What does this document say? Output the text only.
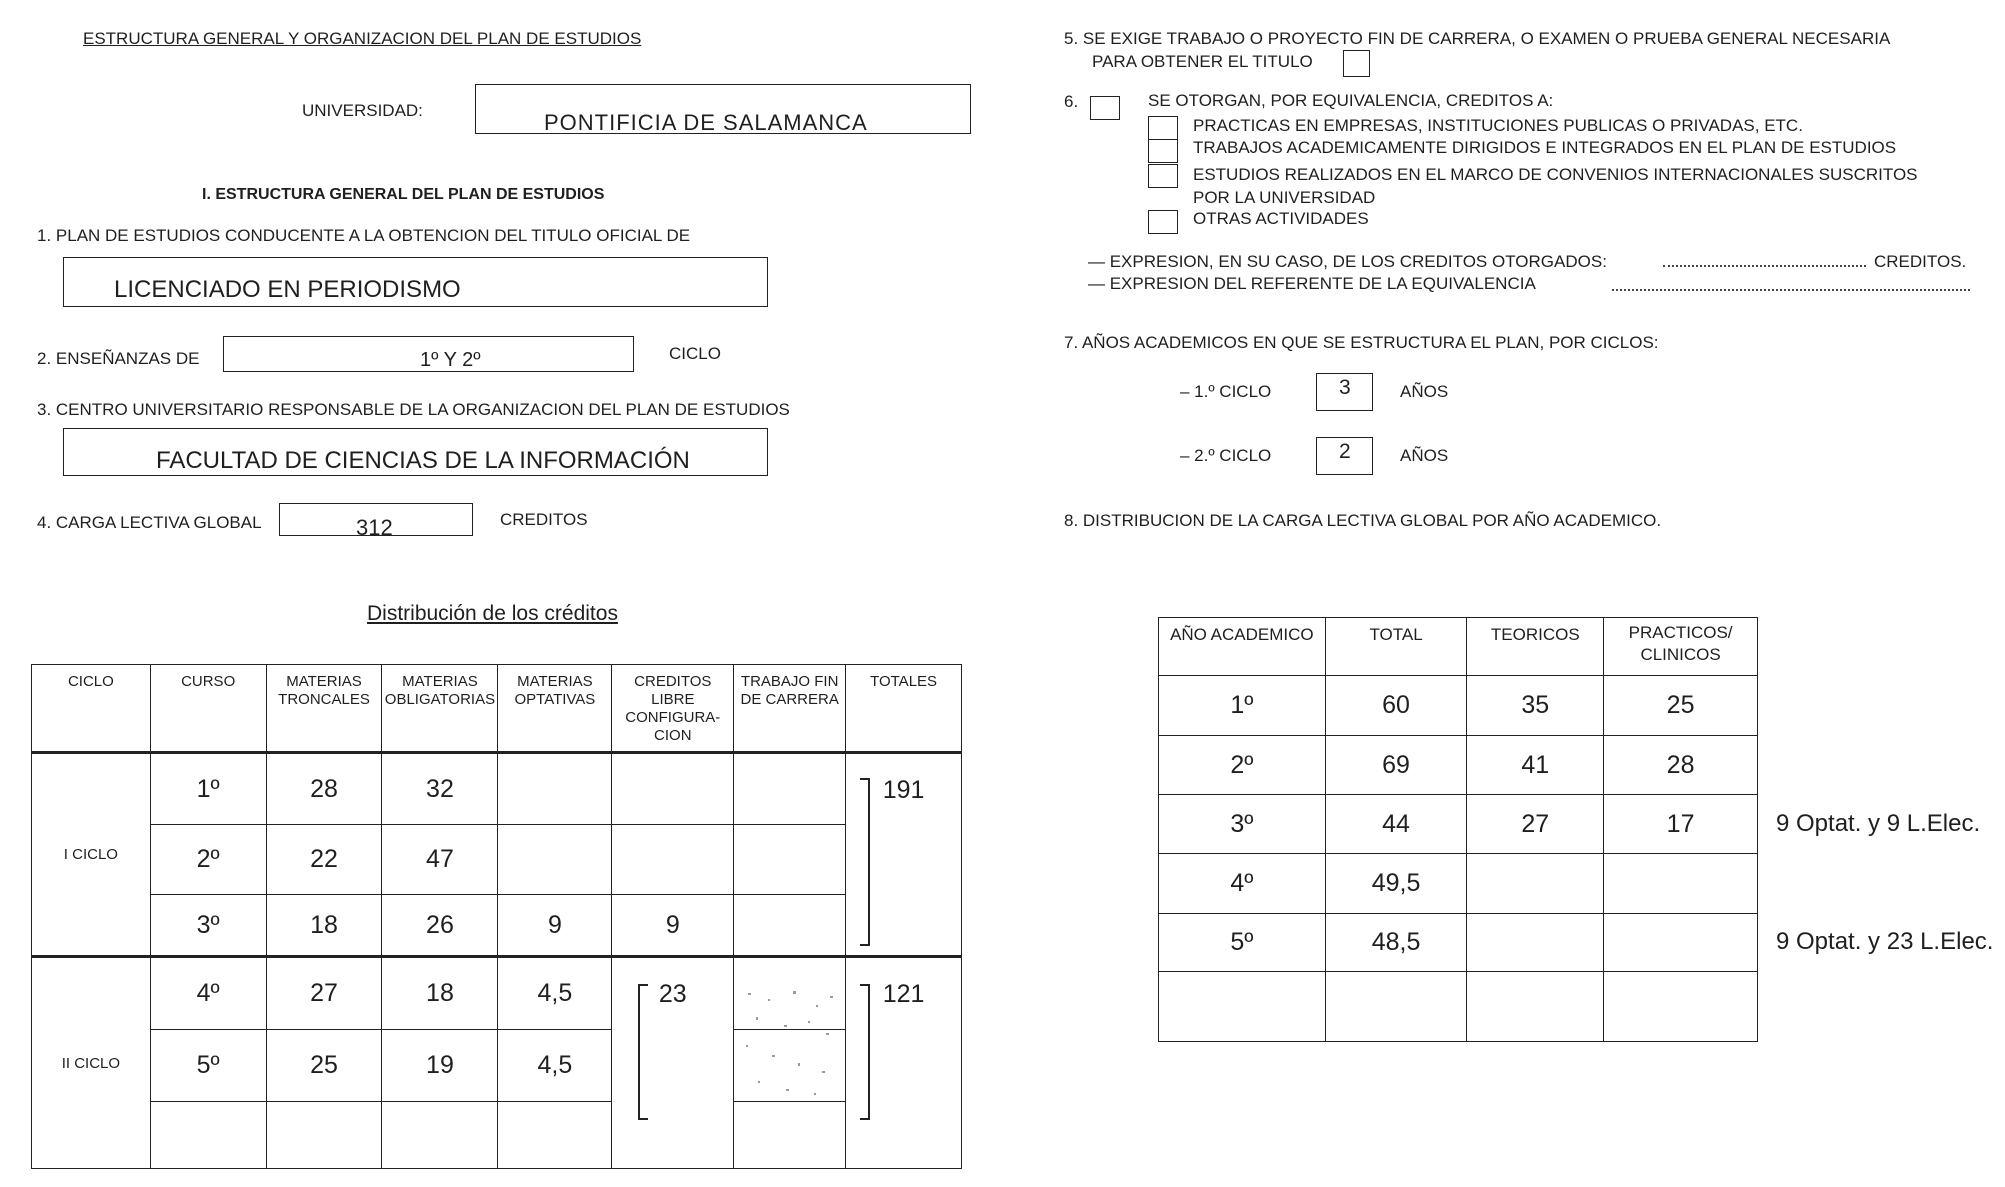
ESTRUCTURA GENERAL Y ORGANIZACION DEL PLAN DE ESTUDIOS
UNIVERSIDAD:	PONTIFICIA DE SALAMANCA
I. ESTRUCTURA GENERAL DEL PLAN DE ESTUDIOS
1. PLAN DE ESTUDIOS CONDUCENTE A LA OBTENCION DEL TITULO OFICIAL DE
LICENCIADO EN PERIODISMO
2. ENSEÑANZAS DE	1º Y 2º	CICLO
3. CENTRO UNIVERSITARIO RESPONSABLE DE LA ORGANIZACION DEL PLAN DE ESTUDIOS
FACULTAD DE CIENCIAS DE LA INFORMACIÓN
4. CARGA LECTIVA GLOBAL	312	CREDITOS
Distribución de los créditos
CICLO	CURSO	MATERIAS TRONCALES	MATERIAS OBLIGATORIAS	MATERIAS OPTATIVAS	CREDITOS LIBRE CONFIGURA- CION	TRABAJO FIN DE CARRERA	TOTALES
I CICLO	1º	28	32				191
	2º	22	47				
	3º	18	26	9	9		
II CICLO	4º	27	18	4,5	23		121
	5º	25	19	4,5			

5. SE EXIGE TRABAJO O PROYECTO FIN DE CARRERA, O EXAMEN O PRUEBA GENERAL NECESARIA
PARA OBTENER EL TITULO
6.	SE OTORGAN, POR EQUIVALENCIA, CREDITOS A:
PRACTICAS EN EMPRESAS, INSTITUCIONES PUBLICAS O PRIVADAS, ETC.
TRABAJOS ACADEMICAMENTE DIRIGIDOS E INTEGRADOS EN EL PLAN DE ESTUDIOS
ESTUDIOS REALIZADOS EN EL MARCO DE CONVENIOS INTERNACIONALES SUSCRITOS
POR LA UNIVERSIDAD
OTRAS ACTIVIDADES
— EXPRESION, EN SU CASO, DE LOS CREDITOS OTORGADOS:	CREDITOS.
— EXPRESION DEL REFERENTE DE LA EQUIVALENCIA
7. AÑOS ACADEMICOS EN QUE SE ESTRUCTURA EL PLAN, POR CICLOS:
– 1.º CICLO	3	AÑOS
– 2.º CICLO	2	AÑOS
8. DISTRIBUCION DE LA CARGA LECTIVA GLOBAL POR AÑO ACADEMICO.
AÑO ACADEMICO	TOTAL	TEORICOS	PRACTICOS/ CLINICOS
1º	60	35	25
2º	69	41	28
3º	44	27	17
4º	49,5		
5º	48,5		

9 Optat. y 9 L.Elec.
9 Optat. y 23 L.Elec.
